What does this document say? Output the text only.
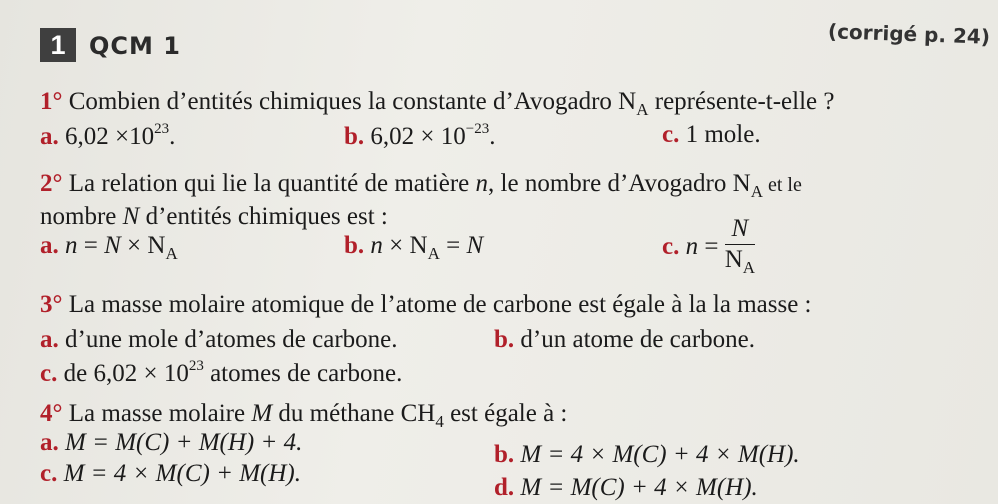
1 QCM 1	(corrigé p. 24)
1° Combien d’entités chimiques la constante d’Avogadro $N_A$ représente-t-elle ?
a. $6,02 \times 10^{23}$.	b. $6,02 \times 10^{-23}$.	c. 1 mole.
2° La relation qui lie la quantité de matière n, le nombre d’Avogadro $N_A$ et le
nombre N d’entités chimiques est :
a. $n = N \times N_A$	b. $n \times N_A = N$	c. $n = \frac{N}{N_A}$
3° La masse molaire atomique de l’atome de carbone est égale à la la masse :
a. d’une mole d’atomes de carbone.	b. d’un atome de carbone.
c. de $6,02 \times 10^{23}$ atomes de carbone.
4° La masse molaire M du méthane $CH_4$ est égale à :
a. M = M(C) + M(H) + 4.	b. M = 4 × M(C) + 4 × M(H).
c. M = 4 × M(C) + M(H).
d. M = M(C) + 4 × M(H).
